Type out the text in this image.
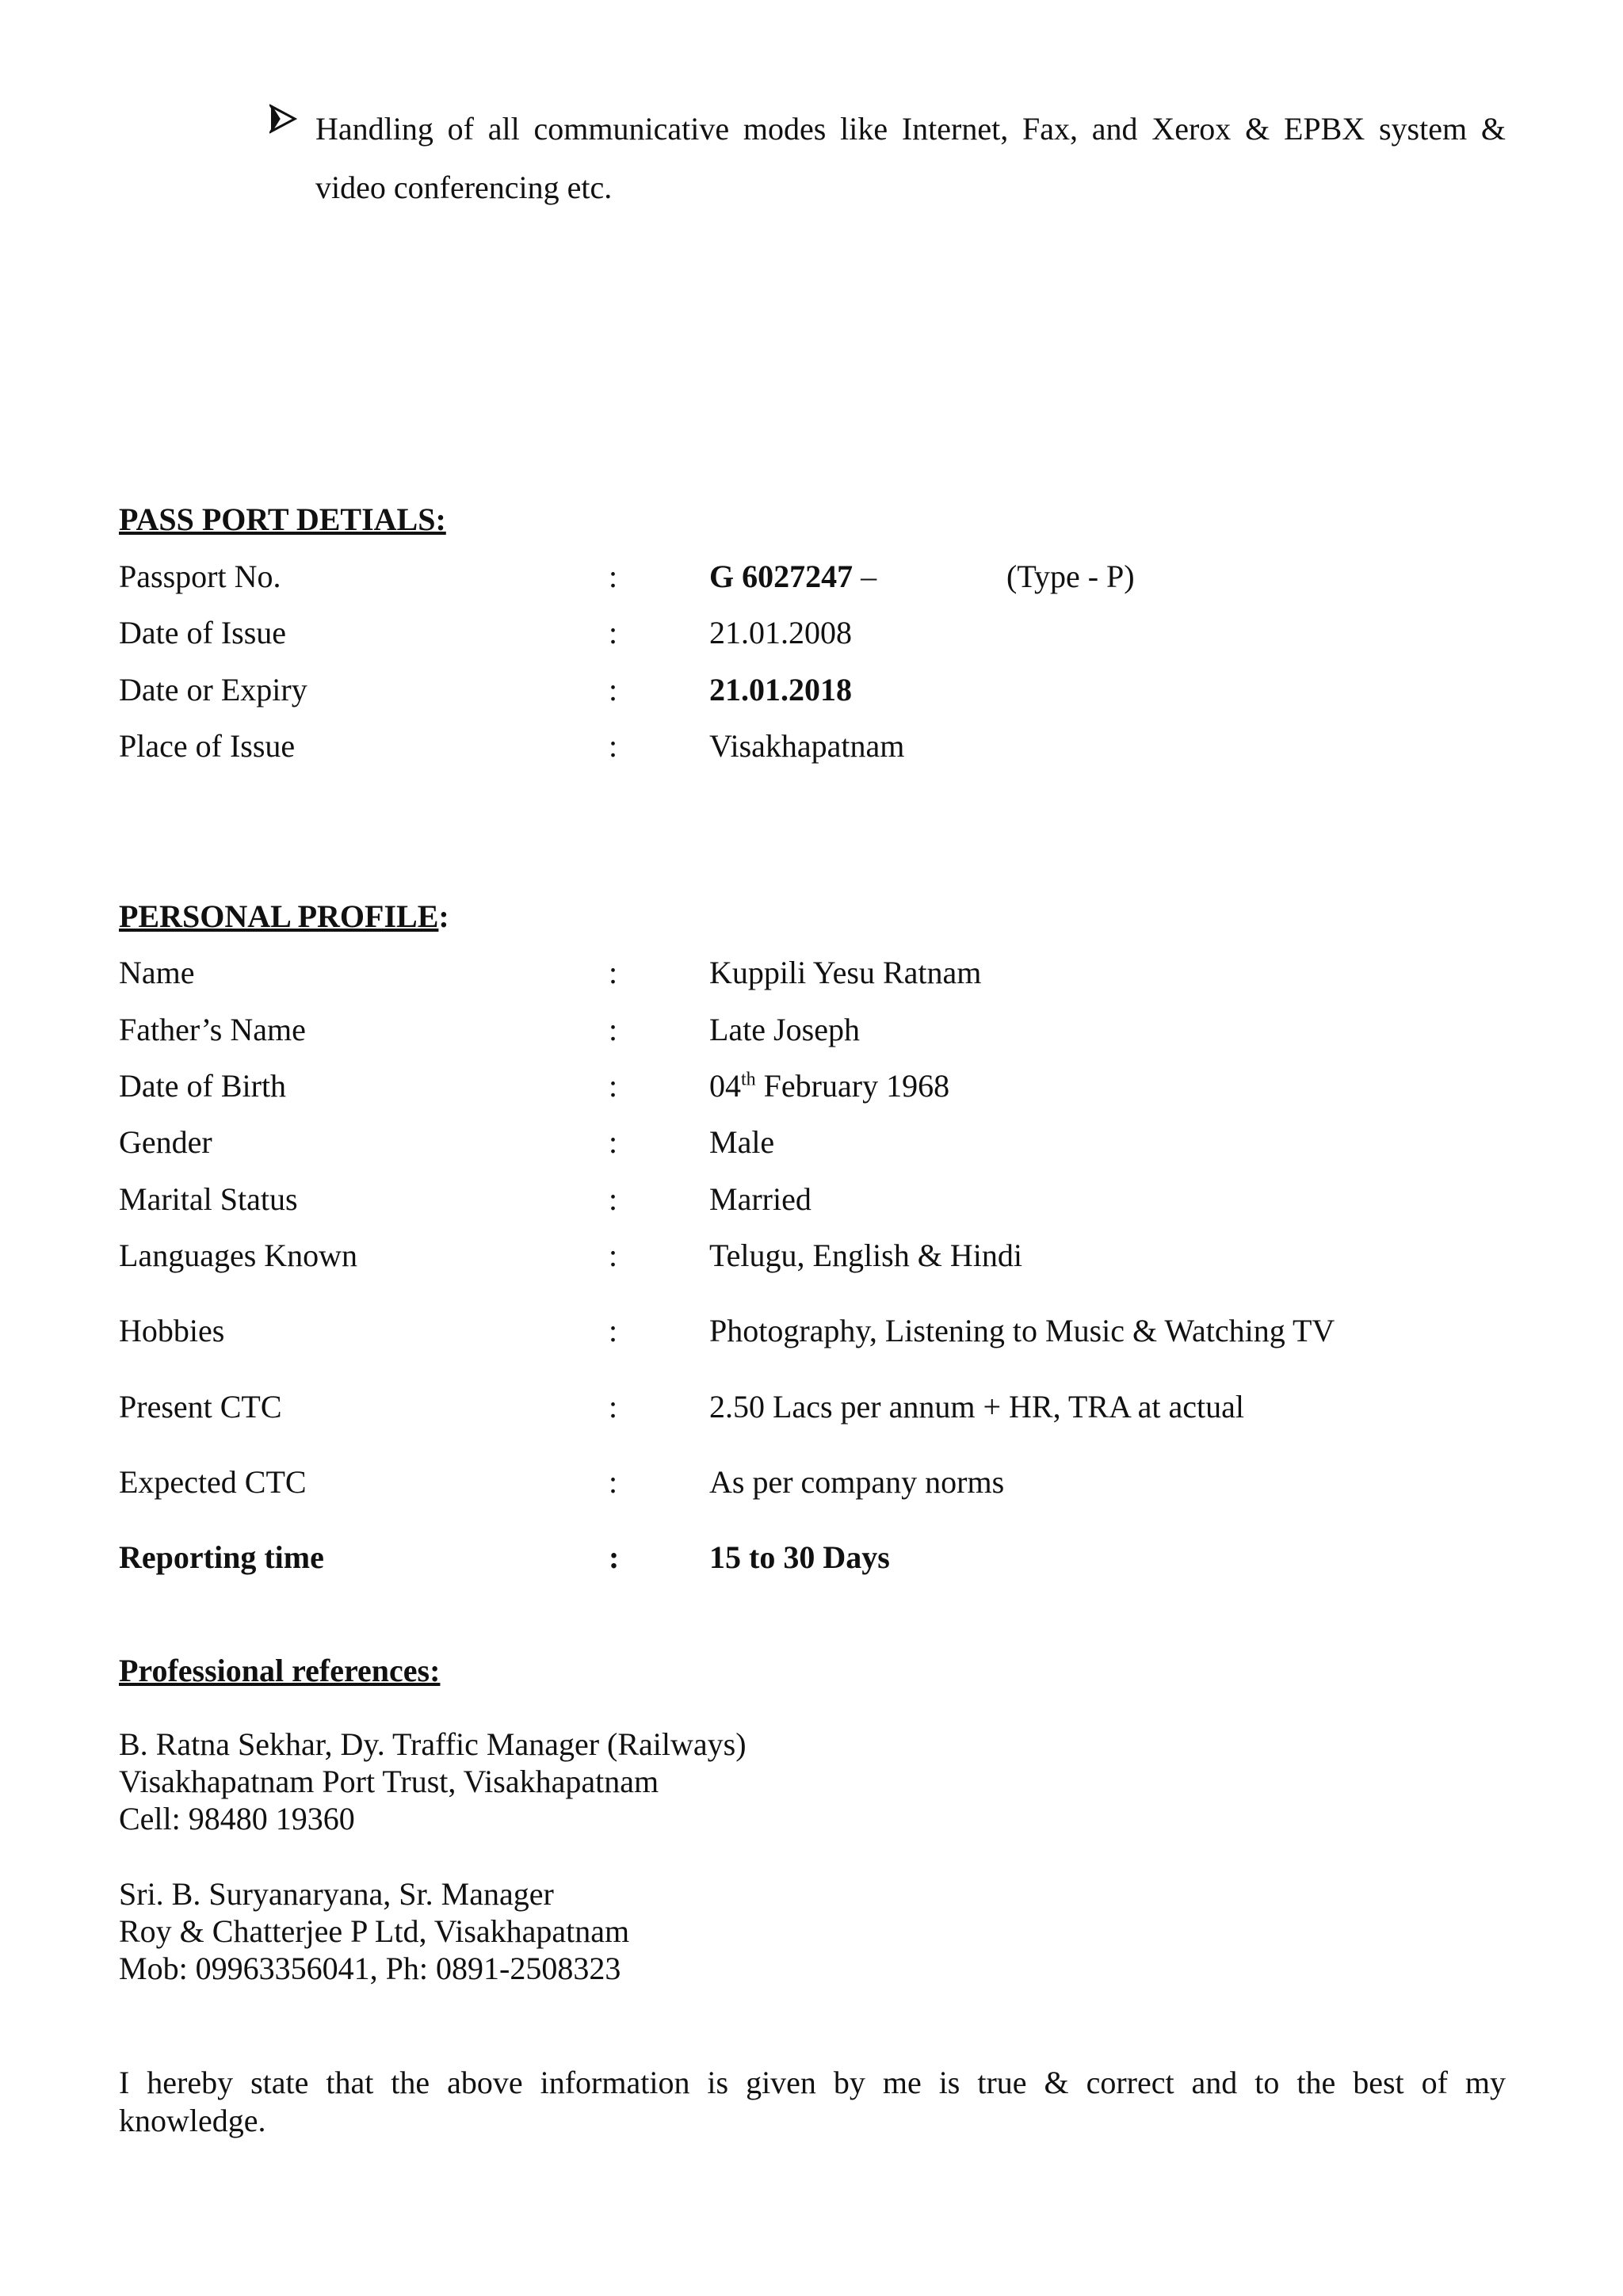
Handling of all communicative modes like Internet, Fax, and Xerox & EPBX system &
video conferencing etc.
PASS PORT DETIALS:
Passport No.	:	G 6027247 –	(Type - P)
Date of Issue	:	21.01.2008
Date or Expiry	:	21.01.2018
Place of Issue	:	Visakhapatnam
PERSONAL PROFILE:
Name	:	Kuppili Yesu Ratnam
Father’s Name	:	Late Joseph
Date of Birth	:	04th February 1968
Gender	:	Male
Marital Status	:	Married
Languages Known	:	Telugu, English & Hindi
Hobbies	:	Photography, Listening to Music & Watching TV
Present CTC	:	2.50 Lacs per annum + HR, TRA at actual
Expected CTC	:	As per company norms
Reporting time	:	15 to 30 Days
Professional references:
B. Ratna Sekhar, Dy. Traffic Manager (Railways)
Visakhapatnam Port Trust, Visakhapatnam
Cell: 98480 19360
Sri. B. Suryanaryana, Sr. Manager
Roy & Chatterjee P Ltd, Visakhapatnam
Mob: 09963356041, Ph: 0891-2508323
I hereby state that the above information is given by me is true & correct and to the best of my
knowledge.
